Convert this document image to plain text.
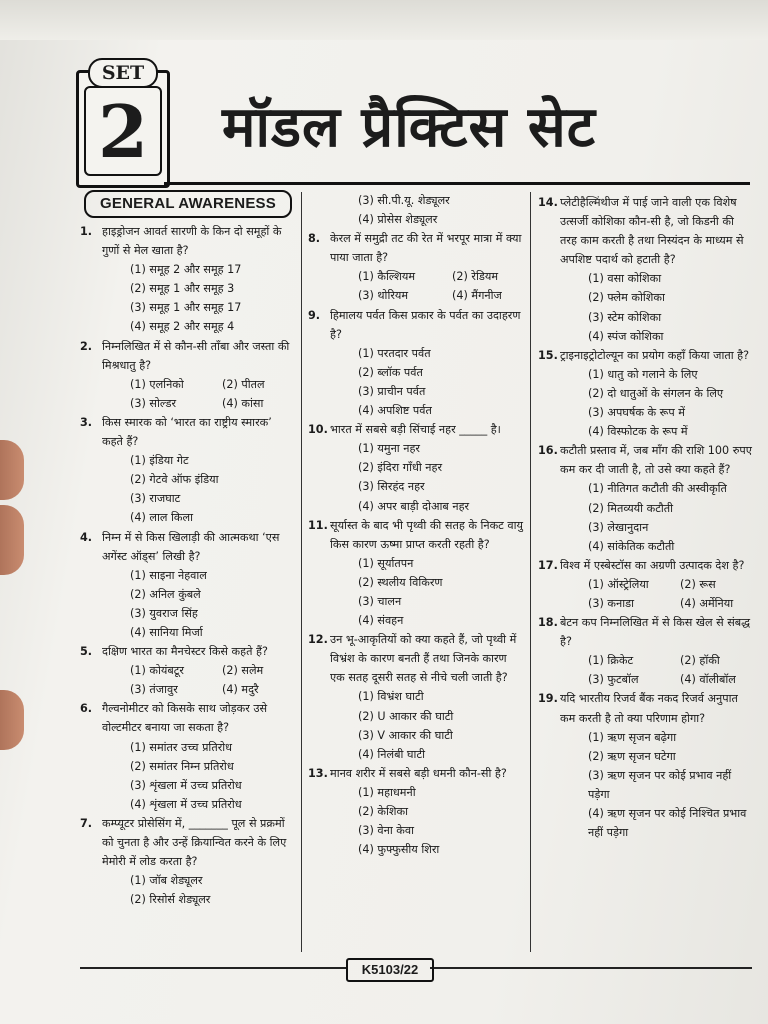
2
SET
मॉडल प्रैक्टिस सेट
GENERAL AWARENESS
1. हाइड्रोजन आवर्त सारणी के किन दो समूहों के गुणों से मेल खाता है?
(1) समूह 2 और समूह 17
(2) समूह 1 और समूह 3
(3) समूह 1 और समूह 17
(4) समूह 2 और समूह 4
2. निम्नलिखित में से कौन-सी ताँबा और जस्ता की मिश्रधातु है?
(1) एलनिको	(2) पीतल
(3) सोल्डर	(4) कांसा
3. किस स्मारक को ‘भारत का राष्ट्रीय स्मारक’ कहते हैं?
(1) इंडिया गेट
(2) गेटवे ऑफ इंडिया
(3) राजघाट
(4) लाल किला
4. निम्न में से किस खिलाड़ी की आत्मकथा ‘एस अगेंस्ट ऑड्स’ लिखी है?
(1) साइना नेहवाल
(2) अनिल कुंबले
(3) युवराज सिंह
(4) सानिया मिर्जा
5. दक्षिण भारत का मैनचेस्टर किसे कहते हैं?
(1) कोयंबटूर	(2) सलेम
(3) तंजावुर	(4) मदुरै
6. गैल्वनोमीटर को किसके साथ जोड़कर उसे वोल्टमीटर बनाया जा सकता है?
(1) समांतर उच्च प्रतिरोध
(2) समांतर निम्न प्रतिरोध
(3) शृंखला में उच्च प्रतिरोध
(4) शृंखला में उच्च प्रतिरोध
7. कम्प्यूटर प्रोसेसिंग में, _______ पूल से प्रक्रमों को चुनता है और उन्हें क्रियान्वित करने के लिए मेमोरी में लोड करता है?
(1) जॉब शेड्यूलर
(2) रिसोर्स शेड्यूलर
(3) सी.पी.यू. शेड्यूलर
(4) प्रोसेस शेड्यूलर
8. केरल में समुद्री तट की रेत में भरपूर मात्रा में क्या पाया जाता है?
(1) कैल्शियम	(2) रेडियम
(3) थोरियम	(4) मैंगनीज
9. हिमालय पर्वत किस प्रकार के पर्वत का उदाहरण है?
(1) परतदार पर्वत
(2) ब्लॉक पर्वत
(3) प्राचीन पर्वत
(4) अपशिष्ट पर्वत
10. भारत में सबसे बड़ी सिंचाई नहर _____ है।
(1) यमुना नहर
(2) इंदिरा गाँधी नहर
(3) सिरहंद नहर
(4) अपर बाड़ी दोआब नहर
11. सूर्यास्त के बाद भी पृथ्वी की सतह के निकट वायु किस कारण ऊष्मा प्राप्त करती रहती है?
(1) सूर्यातपन
(2) स्थलीय विकिरण
(3) चालन
(4) संवहन
12. उन भू-आकृतियों को क्या कहते हैं, जो पृथ्वी में विभ्रंश के कारण बनती हैं तथा जिनके कारण एक सतह दूसरी सतह से नीचे चली जाती है?
(1) विभ्रंश घाटी
(2) U आकार की घाटी
(3) V आकार की घाटी
(4) निलंबी घाटी
13. मानव शरीर में सबसे बड़ी धमनी कौन-सी है?
(1) महाधमनी
(2) केशिका
(3) वेना केवा
(4) फुफ्फुसीय शिरा
14. प्लेटीहैल्मिंथीज में पाई जाने वाली एक विशेष उत्सर्जी कोशिका कौन-सी है, जो किडनी की तरह काम करती है तथा निस्यंदन के माध्यम से अपशिष्ट पदार्थ को हटाती है?
(1) वसा कोशिका
(2) फ्लेम कोशिका
(3) स्टेम कोशिका
(4) स्पंज कोशिका
15. ट्राइनाइट्रोटोल्यून का प्रयोग कहाँ किया जाता है?
(1) धातु को गलाने के लिए
(2) दो धातुओं के संगलन के लिए
(3) अपघर्षक के रूप में
(4) विस्फोटक के रूप में
16. कटौती प्रस्ताव में, जब माँग की राशि 100 रुपए कम कर दी जाती है, तो उसे क्या कहते हैं?
(1) नीतिगत कटौती की अस्वीकृति
(2) मितव्ययी कटौती
(3) लेखानुदान
(4) सांकेतिक कटौती
17. विश्व में एस्बेस्टॉस का अग्रणी उत्पादक देश है?
(1) ऑस्ट्रेलिया	(2) रूस
(3) कनाडा	(4) अर्मेनिया
18. बेटन कप निम्नलिखित में से किस खेल से संबद्ध है?
(1) क्रिकेट	(2) हॉकी
(3) फुटबॉल	(4) वॉलीबॉल
19. यदि भारतीय रिजर्व बैंक नकद रिजर्व अनुपात कम करती है तो क्या परिणाम होगा?
(1) ऋण सृजन बढ़ेगा
(2) ऋण सृजन घटेगा
(3) ऋण सृजन पर कोई प्रभाव नहीं पड़ेगा
(4) ऋण सृजन पर कोई निश्चित प्रभाव नहीं पड़ेगा
K5103/22
